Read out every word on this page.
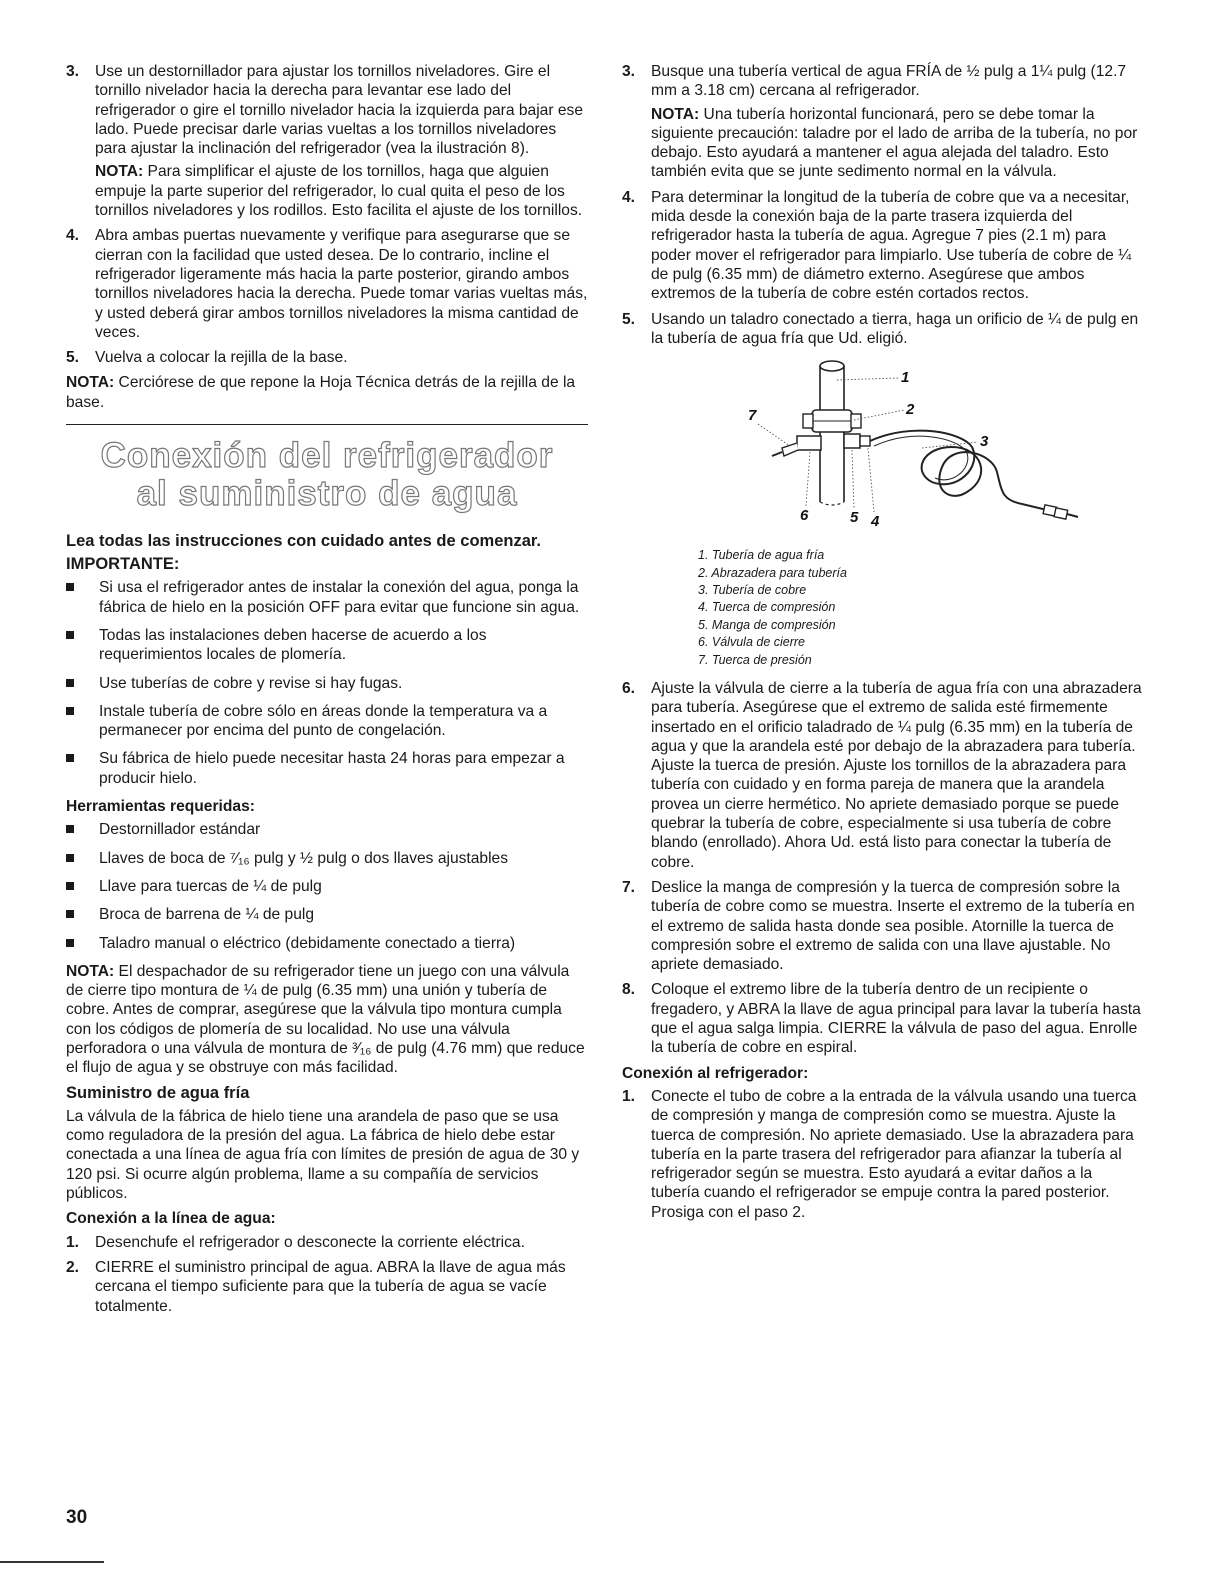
3.	Use un destornillador para ajustar los tornillos niveladores. Gire el tornillo nivelador hacia la derecha para levantar ese lado del refrigerador o gire el tornillo nivelador hacia la izquierda para bajar ese lado. Puede precisar darle varias vueltas a los tornillos niveladores para ajustar la inclinación del refrigerador (vea la ilustración 8).

NOTA: Para simplificar el ajuste de los tornillos, haga que alguien empuje la parte superior del refrigerador, lo cual quita el peso de los tornillos niveladores y los rodillos. Esto facilita el ajuste de los tornillos.

4.	Abra ambas puertas nuevamente y verifique para asegurarse que se cierran con la facilidad que usted desea. De lo contrario, incline el refrigerador ligeramente más hacia la parte posterior, girando ambos tornillos niveladores hacia la derecha. Puede tomar varias vueltas más, y usted deberá girar ambos tornillos niveladores la misma cantidad de veces.

5.	Vuelva a colocar la rejilla de la base.

NOTA: Cerciórese de que repone la Hoja Técnica detrás de la rejilla de la base.

Conexión del refrigerador
al suministro de agua

Lea todas las instrucciones con cuidado antes de comenzar.

IMPORTANTE:
Si usa el refrigerador antes de instalar la conexión del agua, ponga la fábrica de hielo en la posición OFF para evitar que funcione sin agua.
Todas las instalaciones deben hacerse de acuerdo a los requerimientos locales de plomería.
Use tuberías de cobre y revise si hay fugas.
Instale tubería de cobre sólo en áreas donde la temperatura va a permanecer por encima del punto de congelación.
Su fábrica de hielo puede necesitar hasta 24 horas para empezar a producir hielo.
Herramientas requeridas:
Destornillador estándar
Llaves de boca de ⁷⁄₁₆ pulg y ½ pulg o dos llaves ajustables
Llave para tuercas de ¼ de pulg
Broca de barrena de ¼ de pulg
Taladro manual o eléctrico (debidamente conectado a tierra)

NOTA: El despachador de su refrigerador tiene un juego con una válvula de cierre tipo montura de ¼ de pulg (6.35 mm) una unión y tubería de cobre. Antes de comprar, asegúrese que la válvula tipo montura cumpla con los códigos de plomería de su localidad. No use una válvula perforadora o una válvula de montura de ³⁄₁₆ de pulg (4.76 mm) que reduce el flujo de agua y se obstruye con más facilidad.

Suministro de agua fría

La válvula de la fábrica de hielo tiene una arandela de paso que se usa como reguladora de la presión del agua. La fábrica de hielo debe estar conectada a una línea de agua fría con límites de presión de agua de 30 y 120 psi. Si ocurre algún problema, llame a su compañía de servicios públicos.

Conexión a la línea de agua:
1.	Desenchufe el refrigerador o desconecte la corriente eléctrica.

2.	CIERRE el suministro principal de agua. ABRA la llave de agua más cercana el tiempo suficiente para que la tubería de agua se vacíe totalmente.

3.	Busque una tubería vertical de agua FRÍA de ½ pulg a 1¼ pulg (12.7 mm a 3.18 cm) cercana al refrigerador.

NOTA: Una tubería horizontal funcionará, pero se debe tomar la siguiente precaución: taladre por el lado de arriba de la tubería, no por debajo. Esto ayudará a mantener el agua alejada del taladro. Esto también evita que se junte sedimento normal en la válvula.

4.	Para determinar la longitud de la tubería de cobre que va a necesitar, mida desde la conexión baja de la parte trasera izquierda del refrigerador hasta la tubería de agua. Agregue 7 pies (2.1 m) para poder mover el refrigerador para limpiarlo. Use tubería de cobre de ¼ de pulg (6.35 mm) de diámetro externo. Asegúrese que ambos extremos de la tubería de cobre estén cortados rectos.

5.	Usando un taladro conectado a tierra, haga un orificio de ¼ de pulg en la tubería de agua fría que Ud. eligió.

1
2
3
4
5
6
7
1. Tubería de agua fría
2. Abrazadera para tubería
3. Tubería de cobre
4. Tuerca de compresión
5. Manga de compresión
6. Válvula de cierre
7. Tuerca de presión
6.	Ajuste la válvula de cierre a la tubería de agua fría con una abrazadera para tubería. Asegúrese que el extremo de salida esté firmemente insertado en el orificio taladrado de ¼ pulg (6.35 mm) en la tubería de agua y que la arandela esté por debajo de la abrazadera para tubería. Ajuste la tuerca de presión. Ajuste los tornillos de la abrazadera para tubería con cuidado y en forma pareja de manera que la arandela provea un cierre hermético. No apriete demasiado porque se puede quebrar la tubería de cobre, especialmente si usa tubería de cobre blando (enrollado). Ahora Ud. está listo para conectar la tubería de cobre.

7.	Deslice la manga de compresión y la tuerca de compresión sobre la tubería de cobre como se muestra. Inserte el extremo de la tubería en el extremo de salida hasta donde sea posible. Atornille la tuerca de compresión sobre el extremo de salida con una llave ajustable. No apriete demasiado.

8.	Coloque el extremo libre de la tubería dentro de un recipiente o fregadero, y ABRA la llave de agua principal para lavar la tubería hasta que el agua salga limpia. CIERRE la válvula de paso del agua. Enrolle la tubería de cobre en espiral.

Conexión al refrigerador:
1.	Conecte el tubo de cobre a la entrada de la válvula usando una tuerca de compresión y manga de compresión como se muestra. Ajuste la tuerca de compresión. No apriete demasiado. Use la abrazadera para tubería en la parte trasera del refrigerador para afianzar la tubería al refrigerador según se muestra. Esto ayudará a evitar daños a la tubería cuando el refrigerador se empuje contra la pared posterior. Prosiga con el paso 2.

30
